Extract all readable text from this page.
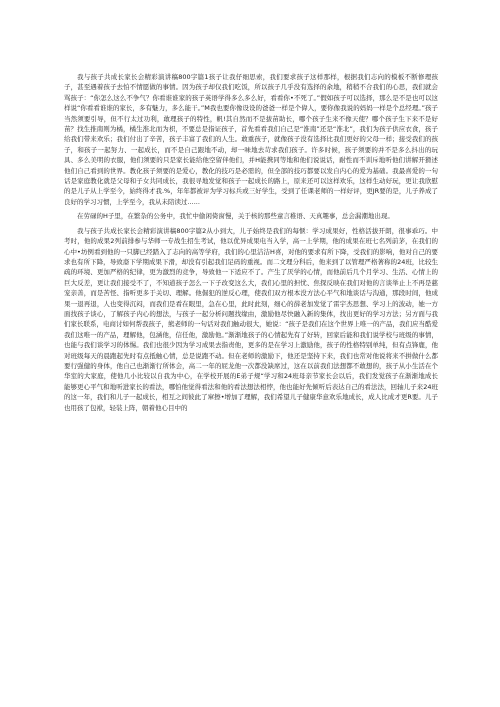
我与孩子共成长家长会精彩演讲稿800字篇1孩子让我仔细思索，我们要求孩子这样那样，根据我们志向的模板不断修理孩子，甚至遇着孩子去怕不情愿做的事情。因为孩子却仅我们吃饭，所以孩子几乎没有选择的余地，稍稍不合我们的心思，我们就会骂孩子：“你怎么这么不争气？你看谁谁家的孩子英语学得多么多么好，看看你•不死了。”假如孩子可以选择，那么是不是也可以这样说“你看看谁谁的家长，多有魅力，多么能干。”M我也要你像设设的爸爸一样是个偉人，要你像我说的妈妈一样是个总经理。”孩子当然须要引导，但不行太过功利，敢理孩子的特性，帆!其自然而不是拔苗助长，哪个孩子生来不像天使？哪个孩子生下来不是好苗？找生推南则为橘，橘生淮北而为枳，不要总是指证孩子，首先看看我们自己是“淮南”还是“淮北”，我们为孩子供应衣食，孩子给我们带来欢乐；我们付出了辛苦，孩子丰富了我们的人生。敢重孩子，就像孩子没有选择比我们更好的父母一样；接受我们的孩子，和孩子一起努力、一起成长，而不是自己跟地不动，却一味地去苛求我们孩子。许多时候，孩子须要的并不是多么抖出的玩具、多么美明的衣服，他们须要的只是家长能给他空留伴他们，并H能携同等地和他们说说话，耐性而不训斥地听他们讲解开猾述他们自己看到的世界。教化孩子须要的是爱心，教化的技巧是必需的，但全部的技巧都要以发自内心的爱为基础。我最喜爱的一句话是家庭教化就是父母和子女共同成长，我很寻地发觉和孩子一起成长的路上，原来还可以这样欢乐，这样生动好玩，更让我欣慰的是儿子从上学至今，始终得才我.%，年年都被评为学习标兵或三好学生，受到了任课老师的一样好评，更JR要的是，儿子养成了良好的学习习惯，上学至今，我从未陪读过......

在劳碌的H子里，在繁杂的公务中，我忙中偷闲倚窗慢，关于核的那些童言稚语、天真趣事，总会漏潮地出现。

我与孩子共成长家长会精彩演讲稿800字篇2从小到大，儿子始终是我们的每惬：学习成果好，性格活拔开朗，很事乖巧。中考时，他的成果2列前排参与华师一专战生招生考试，他以优异成果电当入学，高一上学期，他的成果在班七名列前茅，在我们的心中•坊例看到他的一只脚已经踏入了志向的高等学府，我们的心里洁洁H喜，对他的要求有所下降，受我们的影响，他对自己的要求也有所下降，导致裔下学期成果下滑，却没有引起我们足码的重视。而二文理分科后，他来到了以管理严格著称的24班，比较生疏的环境、更加严格的纪律，更为激烈的竞争，导致他一下适应不了。产生了厌学的心情，而他前后几个月学习、生活、心情上的巨大反差，更让我们接受不了，不知道孩子怎么一下子改变这么大，我们心里的担忧、焦探反映在我们对他的言谈举止上不再是慈宠亲善，而是苦怪、指听更多于关切、理解。他倔犯的逆反心理，使我们双方根本没方法心平气和地谈话与沟通，那段时间，他成果一退再退，人也变得沉闷，而我们是看在眼里，急在心里，此时此刻，细心的薛老加发觉了雷宇杰思想、学习上的波动，她一方面找孩子谈心，了解孩子内心的想法，与孩子一起分析问题找缘由，激励他尽快融入新的集体，找出更好的学习方法；另方面与我们家长联系，电商讨如何帮我孩子，熊老师的一句话对我们触动很大，她说：“孩子是我们在这个世界上唯一的产品，我们应当酷爱我们这唯一的产品，理解他，包涵他，信任他，激励他。”渐渐地孩子的心情起先有了好转，回家后能和我们说学校与班级的事情，也能与我们谈学习的体惕。我们也很少因为学习成果去指责他，更多的是在学习上激励他，孩子的性格特别单纯，但有点锋鹿，他对班级每天的晨跑起先时有点抵触心情，总是说跑不动。但在老师的激励下，他还是坚持下来，我们也常对他说将来不拼做什么都要行强健的身体，他自己也渐渐行所体会，高二一年的屁龙他一次都没缺席过，这在以前我们法想都不敢想的，孩子从小生活在个华室的大家庭，使他几小比较以自我为中心，在学校开展的E弟子规“学习和24班母亲节家长会以后，我们发觉孩子在渐渐地成长 能够更心平气和地听进家长的看法，哪怕他觉得看法和他的看法想法相悖，他也能好先倾听后表达自己的看法法，回轴儿子来24班的这一年，我们和儿子一起成长，相互之间彼此了窜擦•增加了理解，我们希望儿子健康华意欢乐地成长，成人比成才更R要。儿子也用孩了包袱，轻装上阵，朝着他心目中的
